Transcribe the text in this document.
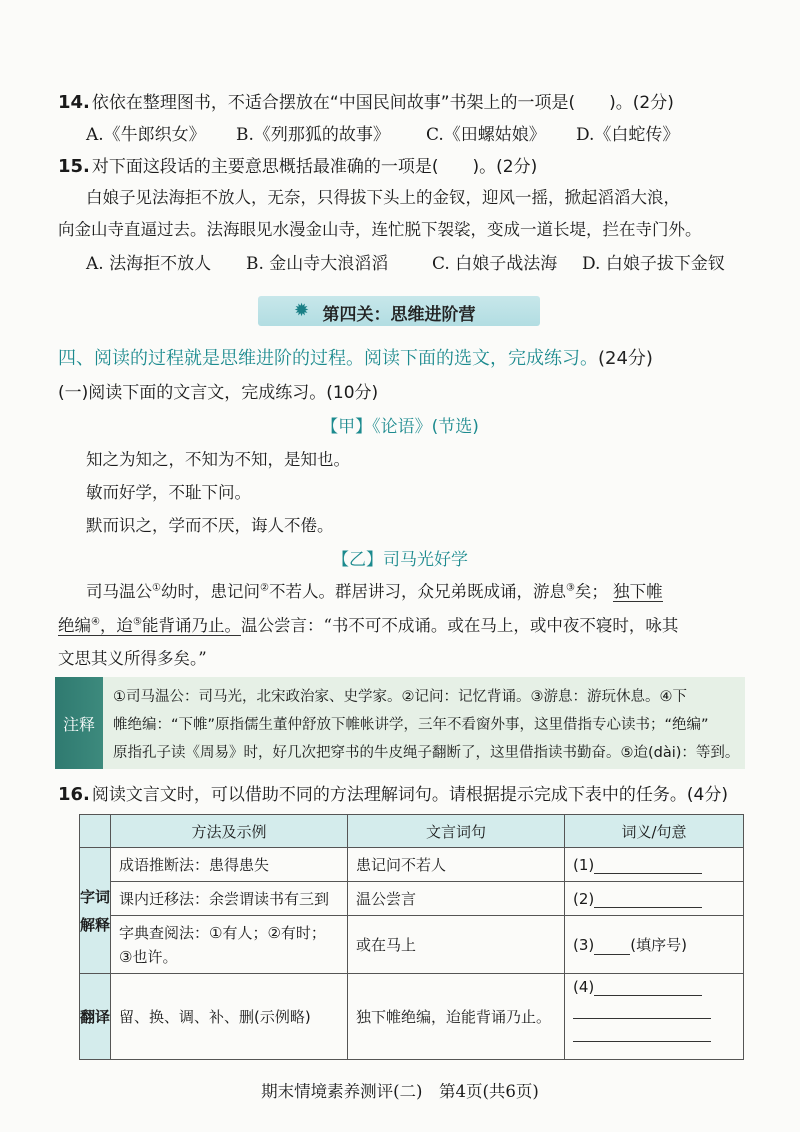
14. 依依在整理图书，不适合摆放在“中国民间故事”书架上的一项是(　　)。(2分)
A.《牛郎织女》 B.《列那狐的故事》 C.《田螺姑娘》 D.《白蛇传》
15. 对下面这段话的主要意思概括最准确的一项是(　　)。(2分)
白娘子见法海拒不放人，无奈，只得拔下头上的金钗，迎风一摇，掀起滔滔大浪，
向金山寺直逼过去。法海眼见水漫金山寺，连忙脱下袈裟，变成一道长堤，拦在寺门外。
A. 法海拒不放人 B. 金山寺大浪滔滔	C. 白娘子战法海 D. 白娘子拔下金钗
✹ 第四关：思维进阶营
四、阅读的过程就是思维进阶的过程。阅读下面的选文，完成练习。(24分)
(一)阅读下面的文言文，完成练习。(10分)
【甲】《论语》(节选)
知之为知之，不知为不知，是知也。
敏而好学，不耻下问。
默而识之，学而不厌，诲人不倦。
【乙】司马光好学
司马温公①幼时，患记问②不若人。群居讲习，众兄弟既成诵，游息③矣； 独下帷
绝编④，迨⑤能背诵乃止。温公尝言：“书不可不成诵。或在马上，或中夜不寝时，咏其
文思其义所得多矣。”
注释
①司马温公：司马光，北宋政治家、史学家。②记问：记忆背诵。③游息：游玩休息。④下
帷绝编：“下帷”原指儒生董仲舒放下帷帐讲学，三年不看窗外事，这里借指专心读书；“绝编”
原指孔子读《周易》时，好几次把穿书的牛皮绳子翻断了，这里借指读书勤奋。⑤迨(dài)：等到。
16. 阅读文言文时，可以借助不同的方法理解词句。请根据提示完成下表中的任务。(4分)
	方法及示例	文言词句	词义/句意
字词解释	成语推断法：患得患失	患记问不若人	(1)
	课内迁移法：余尝谓读书有三到	温公尝言	(2)
	字典查阅法：①有人；②有时；③也许。	或在马上	(3) (填序号)
翻译	留、换、调、补、删(示例略)	独下帷绝编，迨能背诵乃止。	(4)

期末情境素养测评(二)　第4页(共6页)
